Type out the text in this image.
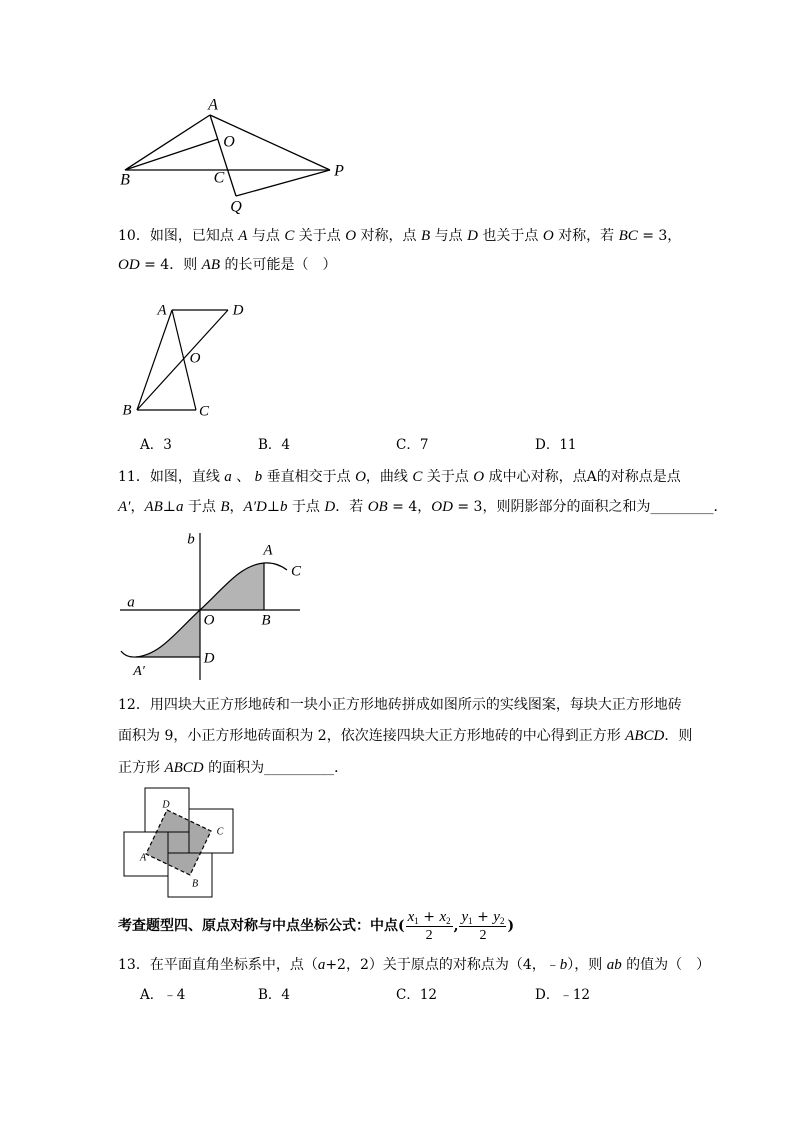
A
O
B	C	P
Q
10．如图，已知点 A 与点 C 关于点 O 对称，点 B 与点 D 也关于点 O 对称，若 BC = 3，
OD = 4．则 AB 的长可能是（　）
A	D
O
B	C
A．3	B．4	C．7	D．11
11．如图，直线 a 、 b 垂直相交于点 O，曲线 C 关于点 O 成中心对称，点A的对称点是点
A′，AB⊥a 于点 B，A′D⊥b 于点 D．若 OB = 4，OD = 3，则阴影部分的面积之和为_________．
b
a
O	B
A
C
D
A′
12．用四块大正方形地砖和一块小正方形地砖拼成如图所示的实线图案，每块大正方形地砖
面积为 9，小正方形地砖面积为 2，依次连接四块大正方形地砖的中心得到正方形 ABCD．则
正方形 ABCD 的面积为__________．
D
C
A
B
考查题型四、原点对称与中点坐标公式：中点( $\frac{x_1 + x_2}{2}$ , $\frac{y_1 + y_2}{2}$ )
13．在平面直角坐标系中，点（a+2，2）关于原点的对称点为（4，﹣b），则 ab 的值为（　）
A．﹣4	B．4	C．12	D．﹣12
